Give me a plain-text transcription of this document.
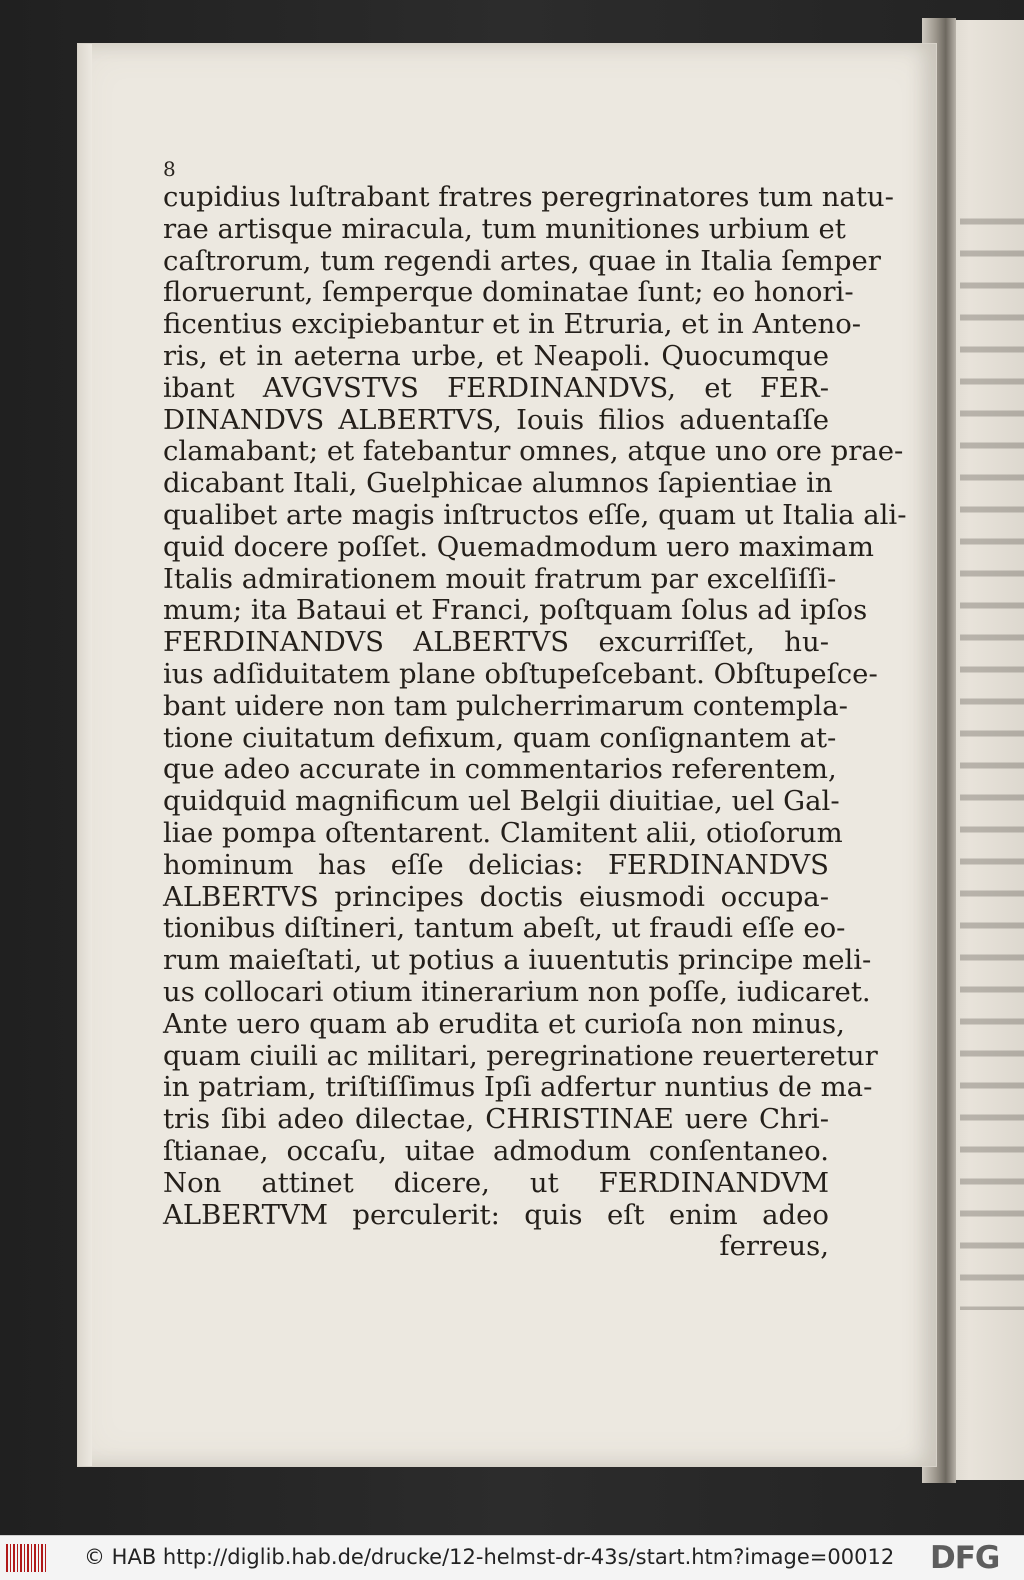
8
cupidius luſtrabant fratres peregrinatores tum natu-
rae artisque miracula, tum munitiones urbium et
caſtrorum, tum regendi artes, quae in Italia ſemper
floruerunt, ſemperque dominatae ſunt; eo honori-
ficentius excipiebantur et in Etruria, et in Anteno-
ris, et in aeterna urbe, et Neapoli. Quocumque
ibant AVGVSTVS FERDINANDVS, et FER-
DINANDVS ALBERTVS, Iouis filios aduentaſſe
clamabant; et fatebantur omnes, atque uno ore prae-
dicabant Itali, Guelphicae alumnos ſapientiae in
qualibet arte magis inſtructos eſſe, quam ut Italia ali-
quid docere poſſet. Quemadmodum uero maximam
Italis admirationem mouit fratrum par excelſiſſi-
mum; ita Bataui et Franci, poſtquam ſolus ad ipſos
FERDINANDVS ALBERTVS excurriſſet, hu-
ius adſiduitatem plane obſtupeſcebant. Obſtupeſce-
bant uidere non tam pulcherrimarum contempla-
tione ciuitatum defixum, quam conſignantem at-
que adeo accurate in commentarios referentem,
quidquid magnificum uel Belgii diuitiae, uel Gal-
liae pompa oſtentarent. Clamitent alii, otioſorum
hominum has eſſe delicias: FERDINANDVS
ALBERTVS principes doctis eiusmodi occupa-
tionibus diſtineri, tantum abeſt, ut fraudi eſſe eo-
rum maieſtati, ut potius a iuuentutis principe meli-
us collocari otium itinerarium non poſſe, iudicaret.
Ante uero quam ab erudita et curioſa non minus,
quam ciuili ac militari, peregrinatione reuerteretur
in patriam, triſtiſſimus Ipſi adfertur nuntius de ma-
tris ſibi adeo dilectae, CHRISTINAE uere Chri-
ſtianae, occaſu, uitae admodum conſentaneo.
Non attinet dicere, ut FERDINANDVM
ALBERTVM perculerit: quis eſt enim adeo
ferreus,
© HAB http://diglib.hab.de/drucke/12-helmst-dr-43s/start.htm?image=00012 DFG
